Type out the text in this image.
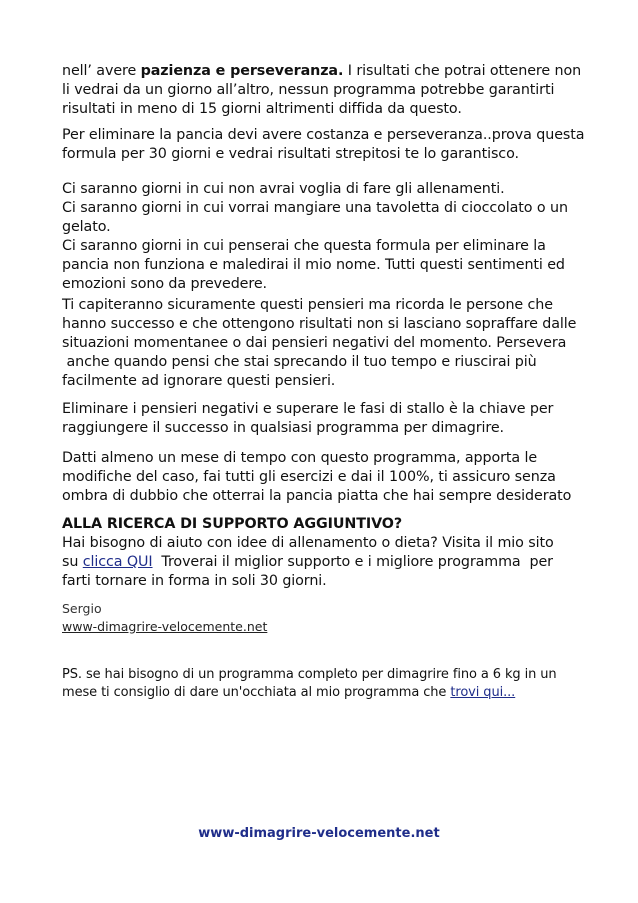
nell’ avere pazienza e perseveranza. I risultati che potrai ottenere non
li vedrai da un giorno all’altro, nessun programma potrebbe garantirti
risultati in meno di 15 giorni altrimenti diffida da questo.
Per eliminare la pancia devi avere costanza e perseveranza..prova questa
formula per 30 giorni e vedrai risultati strepitosi te lo garantisco.
Ci saranno giorni in cui non avrai voglia di fare gli allenamenti.
Ci saranno giorni in cui vorrai mangiare una tavoletta di cioccolato o un
gelato.
Ci saranno giorni in cui penserai che questa formula per eliminare la
pancia non funziona e maledirai il mio nome. Tutti questi sentimenti ed
emozioni sono da prevedere.
Ti capiteranno sicuramente questi pensieri ma ricorda le persone che
hanno successo e che ottengono risultati non si lasciano sopraffare dalle
situazioni momentanee o dai pensieri negativi del momento. Persevera
anche quando pensi che stai sprecando il tuo tempo e riuscirai più
facilmente ad ignorare questi pensieri.
Eliminare i pensieri negativi e superare le fasi di stallo è la chiave per
raggiungere il successo in qualsiasi programma per dimagrire.
Datti almeno un mese di tempo con questo programma, apporta le
modifiche del caso, fai tutti gli esercizi e dai il 100%, ti assicuro senza
ombra di dubbio che otterrai la pancia piatta che hai sempre desiderato
ALLA RICERCA DI SUPPORTO AGGIUNTIVO?
Hai bisogno di aiuto con idee di allenamento o dieta? Visita il mio sito
su clicca QUI  Troverai il miglior supporto e i migliore programma  per
farti tornare in forma in soli 30 giorni.
Sergio
www-dimagrire-velocemente.net
PS. se hai bisogno di un programma completo per dimagrire fino a 6 kg in un
mese ti consiglio di dare un'occhiata al mio programma che trovi qui...
www-dimagrire-velocemente.net
